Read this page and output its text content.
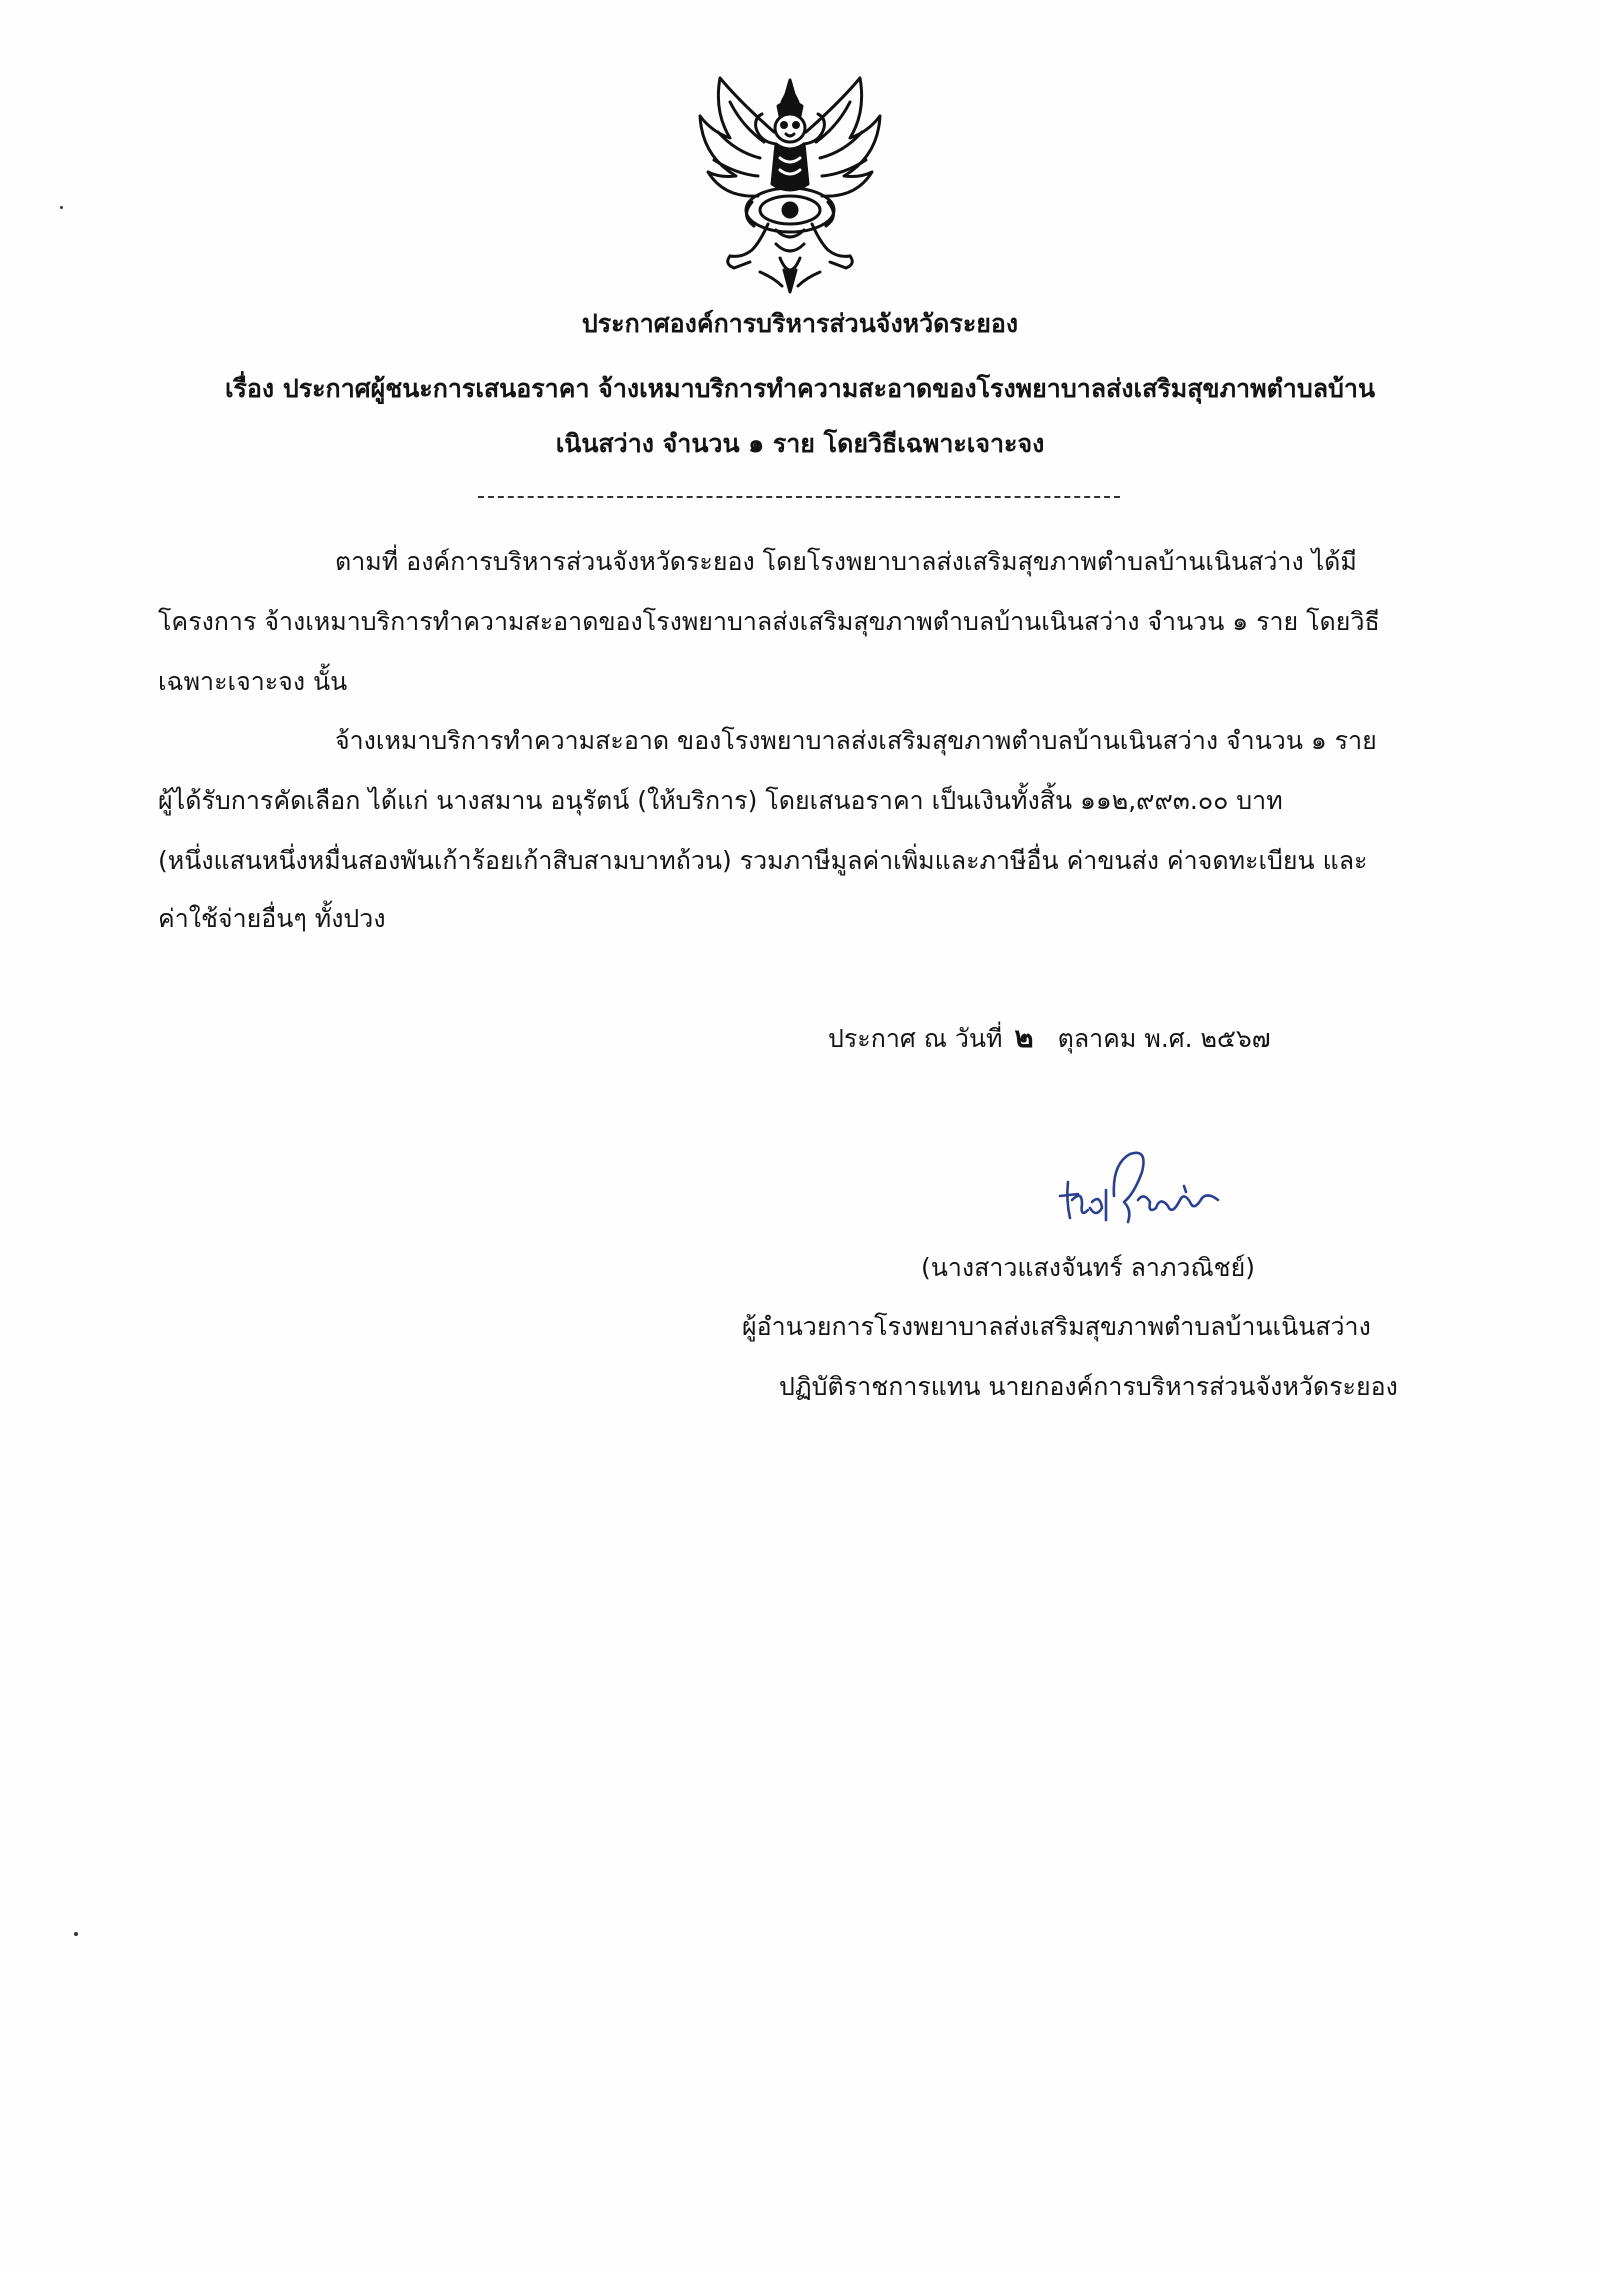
ประกาศองค์การบริหารส่วนจังหวัดระยอง
เรื่อง ประกาศผู้ชนะการเสนอราคา จ้างเหมาบริการทำความสะอาดของโรงพยาบาลส่งเสริมสุขภาพตำบลบ้าน
เนินสว่าง จำนวน ๑ ราย โดยวิธีเฉพาะเจาะจง
ตามที่ องค์การบริหารส่วนจังหวัดระยอง โดยโรงพยาบาลส่งเสริมสุขภาพตำบลบ้านเนินสว่าง ได้มี
โครงการ จ้างเหมาบริการทำความสะอาดของโรงพยาบาลส่งเสริมสุขภาพตำบลบ้านเนินสว่าง จำนวน ๑ ราย โดยวิธี
เฉพาะเจาะจง นั้น
จ้างเหมาบริการทำความสะอาด ของโรงพยาบาลส่งเสริมสุขภาพตำบลบ้านเนินสว่าง จำนวน ๑ ราย
ผู้ได้รับการคัดเลือก ได้แก่ นางสมาน อนุรัตน์ (ให้บริการ) โดยเสนอราคา เป็นเงินทั้งสิ้น ๑๑๒,๙๙๓.๐๐ บาท
(หนึ่งแสนหนึ่งหมื่นสองพันเก้าร้อยเก้าสิบสามบาทถ้วน) รวมภาษีมูลค่าเพิ่มและภาษีอื่น ค่าขนส่ง ค่าจดทะเบียน และ
ค่าใช้จ่ายอื่นๆ ทั้งปวง
ประกาศ ณ วันที่ ๒ ตุลาคม พ.ศ. ๒๕๖๗
(นางสาวแสงจันทร์ ลาภวณิชย์)
ผู้อำนวยการโรงพยาบาลส่งเสริมสุขภาพตำบลบ้านเนินสว่าง
ปฏิบัติราชการแทน นายกองค์การบริหารส่วนจังหวัดระยอง
